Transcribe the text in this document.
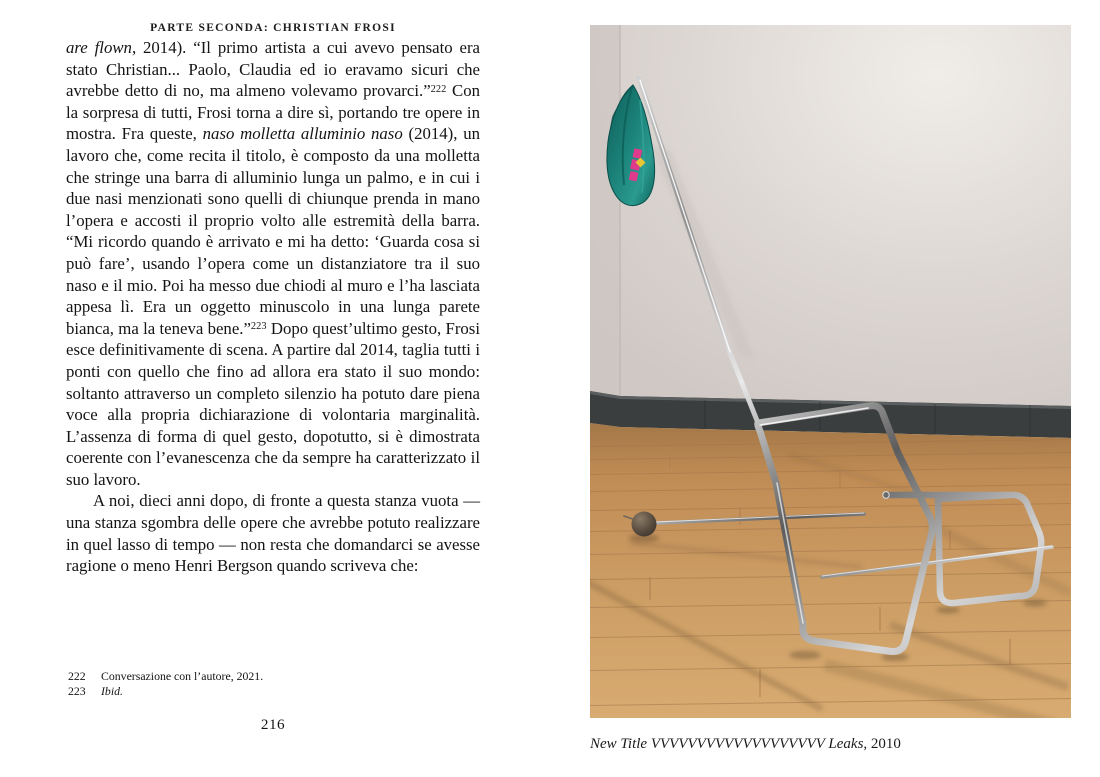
PARTE SECONDA: CHRISTIAN FROSI

are flown, 2014). “Il primo artista a cui avevo pensato era stato Christian... Paolo, Claudia ed io eravamo sicuri che avrebbe detto di no, ma almeno volevamo provarci.”$^{222}$ Con la sorpresa di tutti, Frosi torna a dire sì, portando tre opere in mostra. Fra queste, naso molletta alluminio naso (2014), un lavoro che, come recita il titolo, è composto da una molletta che stringe una barra di alluminio lunga un palmo, e in cui i due nasi menzionati sono quelli di chiunque prenda in mano l’opera e accosti il proprio volto alle estremità della barra. “Mi ricordo quando è arrivato e mi ha detto: ‘Guarda cosa si può fare’, usando l’opera come un distanziatore tra il suo naso e il mio. Poi ha messo due chiodi al muro e l’ha lasciata appesa lì. Era un oggetto minuscolo in una lunga parete bianca, ma la teneva bene.”$^{223}$ Dopo quest’ultimo gesto, Frosi esce definitivamente di scena. A partire dal 2014, taglia tutti i ponti con quello che fino ad allora era stato il suo mondo: soltanto attraverso un completo silenzio ha potuto dare piena voce alla propria dichiarazione di volontaria marginalità. L’assenza di forma di quel gesto, dopotutto, si è dimostrata coerente con l’evanescenza che da sempre ha caratterizzato il suo lavoro.

A noi, dieci anni dopo, di fronte a questa stanza vuota — una stanza sgombra delle opere che avrebbe potuto realizzare in quel lasso di tempo — non resta che domandarci se avesse ragione o meno Henri Bergson quando scriveva che:

222	Conversazione con l’autore, 2021.
223	Ibid.
216
New Title VVVVVVVVVVVVVVVVVVV Leaks, 2010
